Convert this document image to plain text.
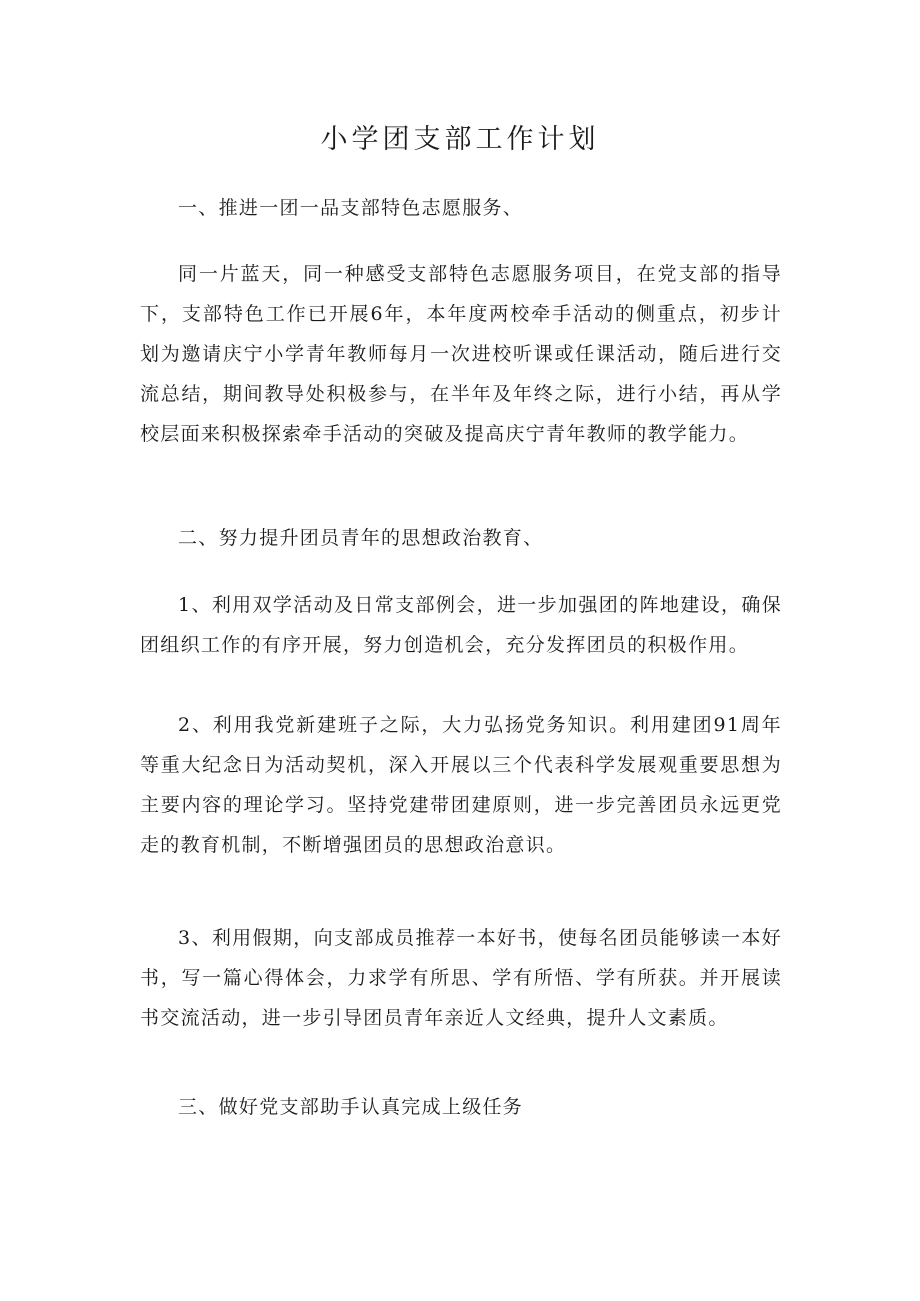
小学团支部工作计划

一、推进一团一品支部特色志愿服务、

同一片蓝天，同一种感受支部特色志愿服务项目，在党支部的指导下，支部特色工作已开展6年，本年度两校牵手活动的侧重点，初步计划为邀请庆宁小学青年教师每月一次进校听课或任课活动，随后进行交流总结，期间教导处积极参与，在半年及年终之际，进行小结，再从学校层面来积极探索牵手活动的突破及提高庆宁青年教师的教学能力。

二、努力提升团员青年的思想政治教育、

1、利用双学活动及日常支部例会，进一步加强团的阵地建设，确保团组织工作的有序开展，努力创造机会，充分发挥团员的积极作用。

2、利用我党新建班子之际，大力弘扬党务知识。利用建团91周年等重大纪念日为活动契机，深入开展以三个代表科学发展观重要思想为主要内容的理论学习。坚持党建带团建原则，进一步完善团员永远更党走的教育机制，不断增强团员的思想政治意识。

3、利用假期，向支部成员推荐一本好书，使每名团员能够读一本好书，写一篇心得体会，力求学有所思、学有所悟、学有所获。并开展读书交流活动，进一步引导团员青年亲近人文经典，提升人文素质。

三、做好党支部助手认真完成上级任务
